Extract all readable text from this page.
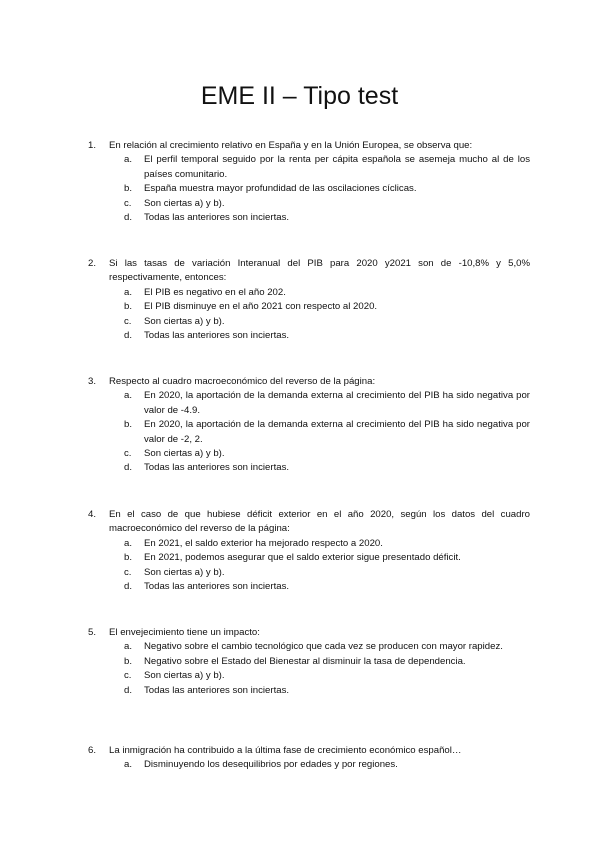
EME II – Tipo test
1.	En relación al crecimiento relativo en España y en la Unión Europea, se observa que:
a.	El perfil temporal seguido por la renta per cápita española se asemeja mucho al de los países comunitario.
b.	España muestra mayor profundidad de las oscilaciones cíclicas.
c.	Son ciertas a) y b).
d.	Todas las anteriores son inciertas.
2.	Si las tasas de variación Interanual del PIB para 2020 y2021 son de -10,8% y 5,0% respectivamente, entonces:
a.	El PIB es negativo en el año 202.
b.	El PIB disminuye en el año 2021 con respecto al 2020.
c.	Son ciertas a) y b).
d.	Todas las anteriores son inciertas.
3.	Respecto al cuadro macroeconómico del reverso de la página:
a.	En 2020, la aportación de la demanda externa al crecimiento del PIB ha sido negativa por valor de -4.9.
b.	En 2020, la aportación de la demanda externa al crecimiento del PIB ha sido negativa por valor de -2, 2.
c.	Son ciertas a) y b).
d.	Todas las anteriores son inciertas.
4.	En el caso de que hubiese déficit exterior en el año 2020, según los datos del cuadro macroeconómico del reverso de la página:
a.	En 2021, el saldo exterior ha mejorado respecto a 2020.
b.	En 2021, podemos asegurar que el saldo exterior sigue presentado déficit.
c.	Son ciertas a) y b).
d.	Todas las anteriores son inciertas.
5.	El envejecimiento tiene un impacto:
a.	Negativo sobre el cambio tecnológico que cada vez se producen con mayor rapidez.
b.	Negativo sobre el Estado del Bienestar al disminuir la tasa de dependencia.
c.	Son ciertas a) y b).
d.	Todas las anteriores son inciertas.
6.	La inmigración ha contribuido a la última fase de crecimiento económico español…
a.	Disminuyendo los desequilibrios por edades y por regiones.
